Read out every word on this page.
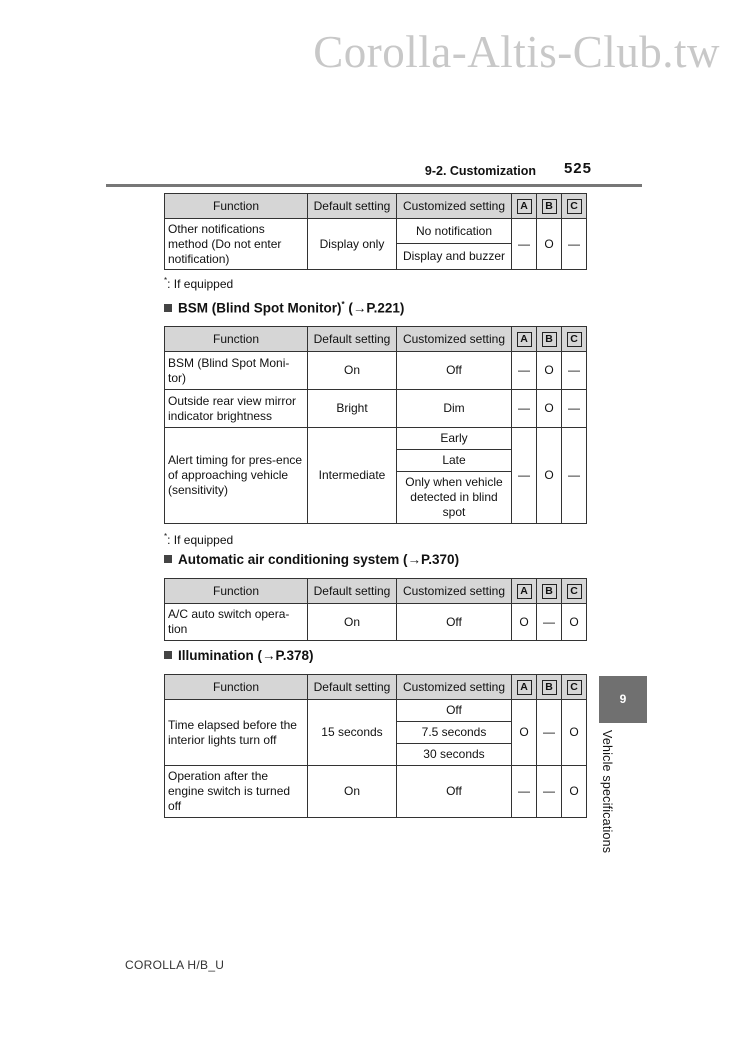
Corolla-Altis-Club.tw
9-2. Customization 525
Function	Default setting	Customized setting	A	B	C
Other notifications method (Do not enter notification)	Display only	No notification	—	O	—
		Display and buzzer			
*: If equipped
BSM (Blind Spot Monitor)* (→P.221)
Function	Default setting	Customized setting	A	B	C
BSM (Blind Spot Moni-tor)	On	Off	—	O	—
Outside rear view mirror indicator brightness	Bright	Dim	—	O	—
Alert timing for pres-ence of approaching vehicle (sensitivity)	Intermediate	Early	—	O	—
		Late			
		Only when vehicle detected in blind spot			
*: If equipped
Automatic air conditioning system (→P.370)
Function	Default setting	Customized setting	A	B	C
A/C auto switch opera-tion	On	Off	O	—	O
Illumination (→P.378)
Function	Default setting	Customized setting	A	B	C
Time elapsed before the interior lights turn off	15 seconds	Off	O	—	O
		7.5 seconds			
		30 seconds			
Operation after the engine switch is turned off	On	Off	—	—	O
9
Vehicle specifications
COROLLA H/B_U
